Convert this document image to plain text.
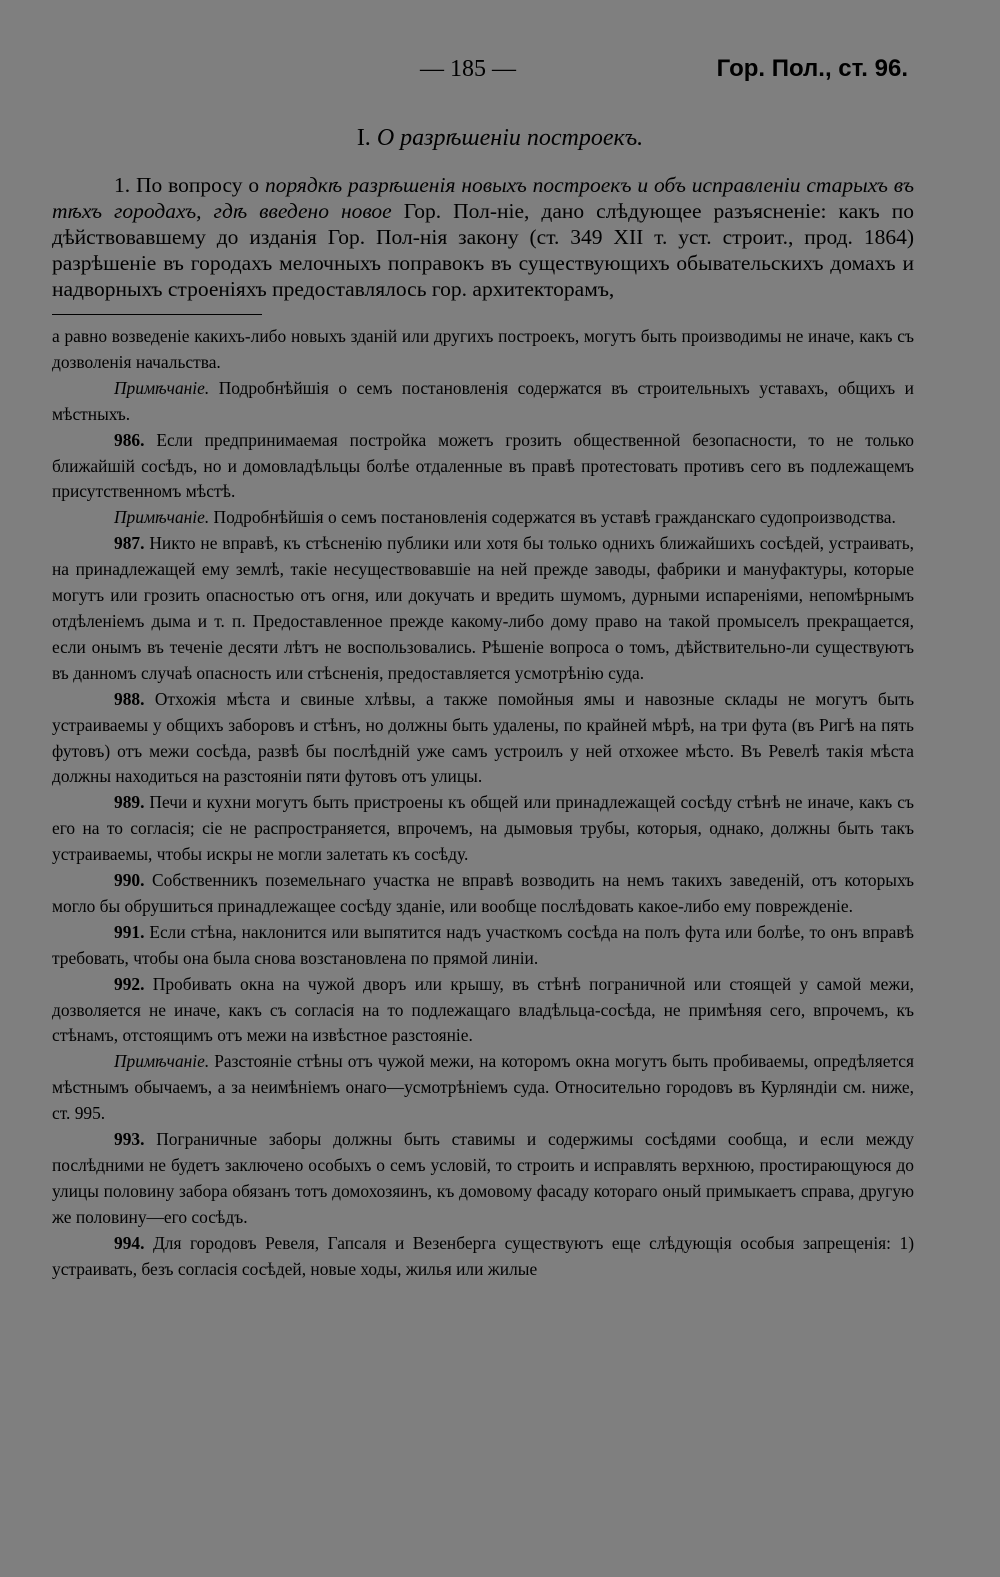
— 185 —	Гор. Пол., ст. 96.
I. О разрѣшеніи построекъ.

1. По вопросу о порядкѣ разрѣшенія новыхъ построекъ и объ исправленіи старыхъ въ тѣхъ городахъ, гдѣ введено новое Гор. Пол-ніе, дано слѣдующее разъясненіе: какъ по дѣйствовавшему до изданія Гор. Пол-нія закону (ст. 349 XII т. уст. строит., прод. 1864) разрѣшеніе въ городахъ мелочныхъ поправокъ въ существующихъ обывательскихъ домахъ и надворныхъ строеніяхъ предоставлялось гор. архитекторамъ,

а равно возведеніе какихъ-либо новыхъ зданій или другихъ построекъ, могутъ быть производимы не иначе, какъ съ дозволенія начальства.

Примѣчаніе. Подробнѣйшія о семъ постановленія содержатся въ строительныхъ уставахъ, общихъ и мѣстныхъ.

986. Если предпринимаемая постройка можетъ грозить общественной безопасности, то не только ближайшій сосѣдъ, но и домовладѣльцы болѣе отдаленные въ правѣ протестовать противъ сего въ подлежащемъ присутственномъ мѣстѣ.

Примѣчаніе. Подробнѣйшія о семъ постановленія содержатся въ уставѣ гражданскаго судопроизводства.

987. Никто не вправѣ, къ стѣсненію публики или хотя бы только однихъ ближайшихъ сосѣдей, устраивать, на принадлежащей ему землѣ, такіе несуществовавшіе на ней прежде заводы, фабрики и мануфактуры, которые могутъ или грозить опасностью отъ огня, или докучать и вредить шумомъ, дурными испареніями, непомѣрнымъ отдѣленіемъ дыма и т. п. Предоставленное прежде какому-либо дому право на такой промыселъ прекращается, если онымъ въ теченіе десяти лѣтъ не воспользовались. Рѣшеніе вопроса о томъ, дѣйствительно-ли существуютъ въ данномъ случаѣ опасность или стѣсненія, предоставляется усмотрѣнію суда.

988. Отхожія мѣста и свиные хлѣвы, а также помойныя ямы и навозные склады не могутъ быть устраиваемы у общихъ заборовъ и стѣнъ, но должны быть удалены, по крайней мѣрѣ, на три фута (въ Ригѣ на пять футовъ) отъ межи сосѣда, развѣ бы послѣдній уже самъ устроилъ у ней отхожее мѣсто. Въ Ревелѣ такія мѣста должны находиться на разстояніи пяти футовъ отъ улицы.

989. Печи и кухни могутъ быть пристроены къ общей или принадлежащей сосѣду стѣнѣ не иначе, какъ съ его на то согласія; сіе не распространяется, впрочемъ, на дымовыя трубы, которыя, однако, должны быть такъ устраиваемы, чтобы искры не могли залетать къ сосѣду.

990. Собственникъ поземельнаго участка не вправѣ возводить на немъ такихъ заведеній, отъ которыхъ могло бы обрушиться принадлежащее сосѣду зданіе, или вообще послѣдовать какое-либо ему поврежденіе.

991. Если стѣна, наклонится или выпятится надъ участкомъ сосѣда на полъ фута или болѣе, то онъ вправѣ требовать, чтобы она была снова возстановлена по прямой линіи.

992. Пробивать окна на чужой дворъ или крышу, въ стѣнѣ пограничной или стоящей у самой межи, дозволяется не иначе, какъ съ согласія на то подлежащаго владѣльца-сосѣда, не примѣняя сего, впрочемъ, къ стѣнамъ, отстоящимъ отъ межи на извѣстное разстояніе.

Примѣчаніе. Разстояніе стѣны отъ чужой межи, на которомъ окна могутъ быть пробиваемы, опредѣляется мѣстнымъ обычаемъ, а за неимѣніемъ онаго—усмотрѣніемъ суда. Относительно городовъ въ Курляндіи см. ниже, ст. 995.

993. Пограничные заборы должны быть ставимы и содержимы сосѣдями сообща, и если между послѣдними не будетъ заключено особыхъ о семъ условій, то строить и исправлять верхнюю, простирающуюся до улицы половину забора обязанъ тотъ домохозяинъ, къ домовому фасаду котораго оный примыкаетъ справа, другую же половину—его сосѣдъ.

994. Для городовъ Ревеля, Гапсаля и Везенберга существуютъ еще слѣдующія особыя запрещенія: 1) устраивать, безъ согласія сосѣдей, новые ходы, жилья или жилые
